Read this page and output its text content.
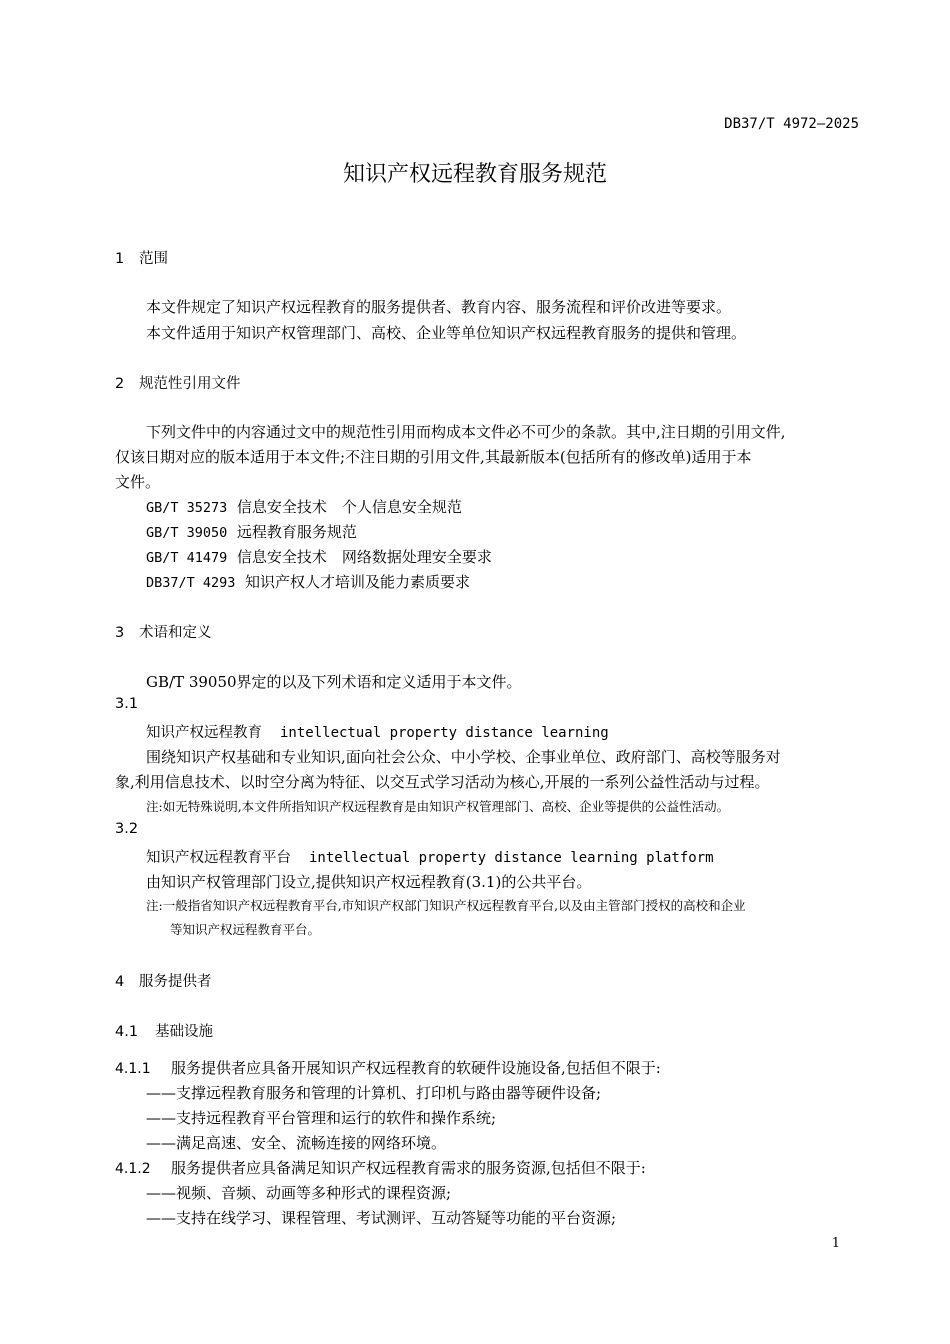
DB37/T 4972—2025
知识产权远程教育服务规范
1 范围
本文件规定了知识产权远程教育的服务提供者、教育内容、服务流程和评价改进等要求。
本文件适用于知识产权管理部门、高校、企业等单位知识产权远程教育服务的提供和管理。
2 规范性引用文件
下列文件中的内容通过文中的规范性引用而构成本文件必不可少的条款。其中,注日期的引用文件,
仅该日期对应的版本适用于本文件;不注日期的引用文件,其最新版本(包括所有的修改单)适用于本
文件。
GB/T 35273 信息安全技术　个人信息安全规范
GB/T 39050 远程教育服务规范
GB/T 41479 信息安全技术　网络数据处理安全要求
DB37/T 4293 知识产权人才培训及能力素质要求
3 术语和定义
GB/T 39050界定的以及下列术语和定义适用于本文件。
3.1
知识产权远程教育 intellectual property distance learning
围绕知识产权基础和专业知识,面向社会公众、中小学校、企事业单位、政府部门、高校等服务对
象,利用信息技术、以时空分离为特征、以交互式学习活动为核心,开展的一系列公益性活动与过程。
注:如无特殊说明,本文件所指知识产权远程教育是由知识产权管理部门、高校、企业等提供的公益性活动。
3.2
知识产权远程教育平台 intellectual property distance learning platform
由知识产权管理部门设立,提供知识产权远程教育(3.1)的公共平台。
注:一般指省知识产权远程教育平台,市知识产权部门知识产权远程教育平台,以及由主管部门授权的高校和企业
等知识产权远程教育平台。
4 服务提供者
4.1 基础设施
4.1.1 服务提供者应具备开展知识产权远程教育的软硬件设施设备,包括但不限于:
——支撑远程教育服务和管理的计算机、打印机与路由器等硬件设备;
——支持远程教育平台管理和运行的软件和操作系统;
——满足高速、安全、流畅连接的网络环境。
4.1.2 服务提供者应具备满足知识产权远程教育需求的服务资源,包括但不限于:
——视频、音频、动画等多种形式的课程资源;
——支持在线学习、课程管理、考试测评、互动答疑等功能的平台资源;
1
